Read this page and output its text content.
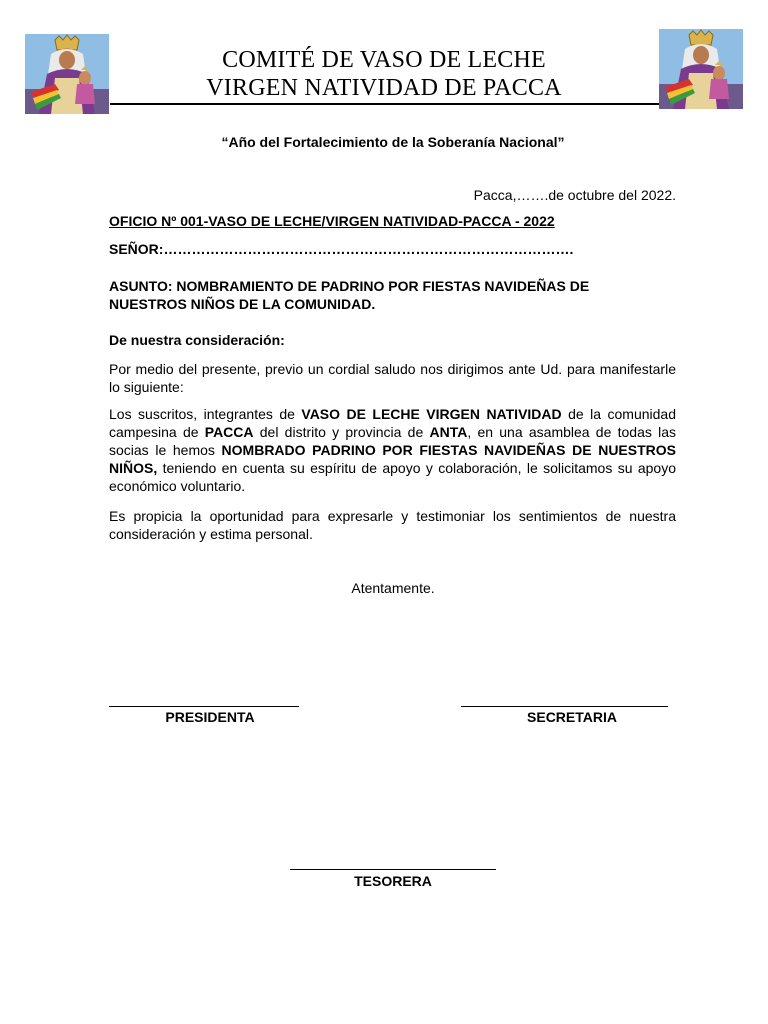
COMITÉ DE VASO DE LECHE
VIRGEN NATIVIDAD DE PACCA
“Año del Fortalecimiento de la Soberanía Nacional”
Pacca,…….de octubre del 2022.
OFICIO Nº 001-VASO DE LECHE/VIRGEN NATIVIDAD-PACCA - 2022
SEÑOR:…………………………………………………………………………….
ASUNTO: NOMBRAMIENTO DE PADRINO POR FIESTAS NAVIDEÑAS DE
NUESTROS NIÑOS DE LA COMUNIDAD.
De nuestra consideración:

Por medio del presente, previo un cordial saludo nos dirigimos ante Ud. para manifestarle lo siguiente:

Los suscritos, integrantes de VASO DE LECHE VIRGEN NATIVIDAD de la comunidad campesina de PACCA del distrito y provincia de ANTA, en una asamblea de todas las socias le hemos NOMBRADO PADRINO POR FIESTAS NAVIDEÑAS DE NUESTROS NIÑOS, teniendo en cuenta su espíritu de apoyo y colaboración, le solicitamos su apoyo económico voluntario.

Es propicia la oportunidad para expresarle y testimoniar los sentimientos de nuestra consideración y estima personal.

Atentamente.
PRESIDENTA	SECRETARIA
TESORERA
